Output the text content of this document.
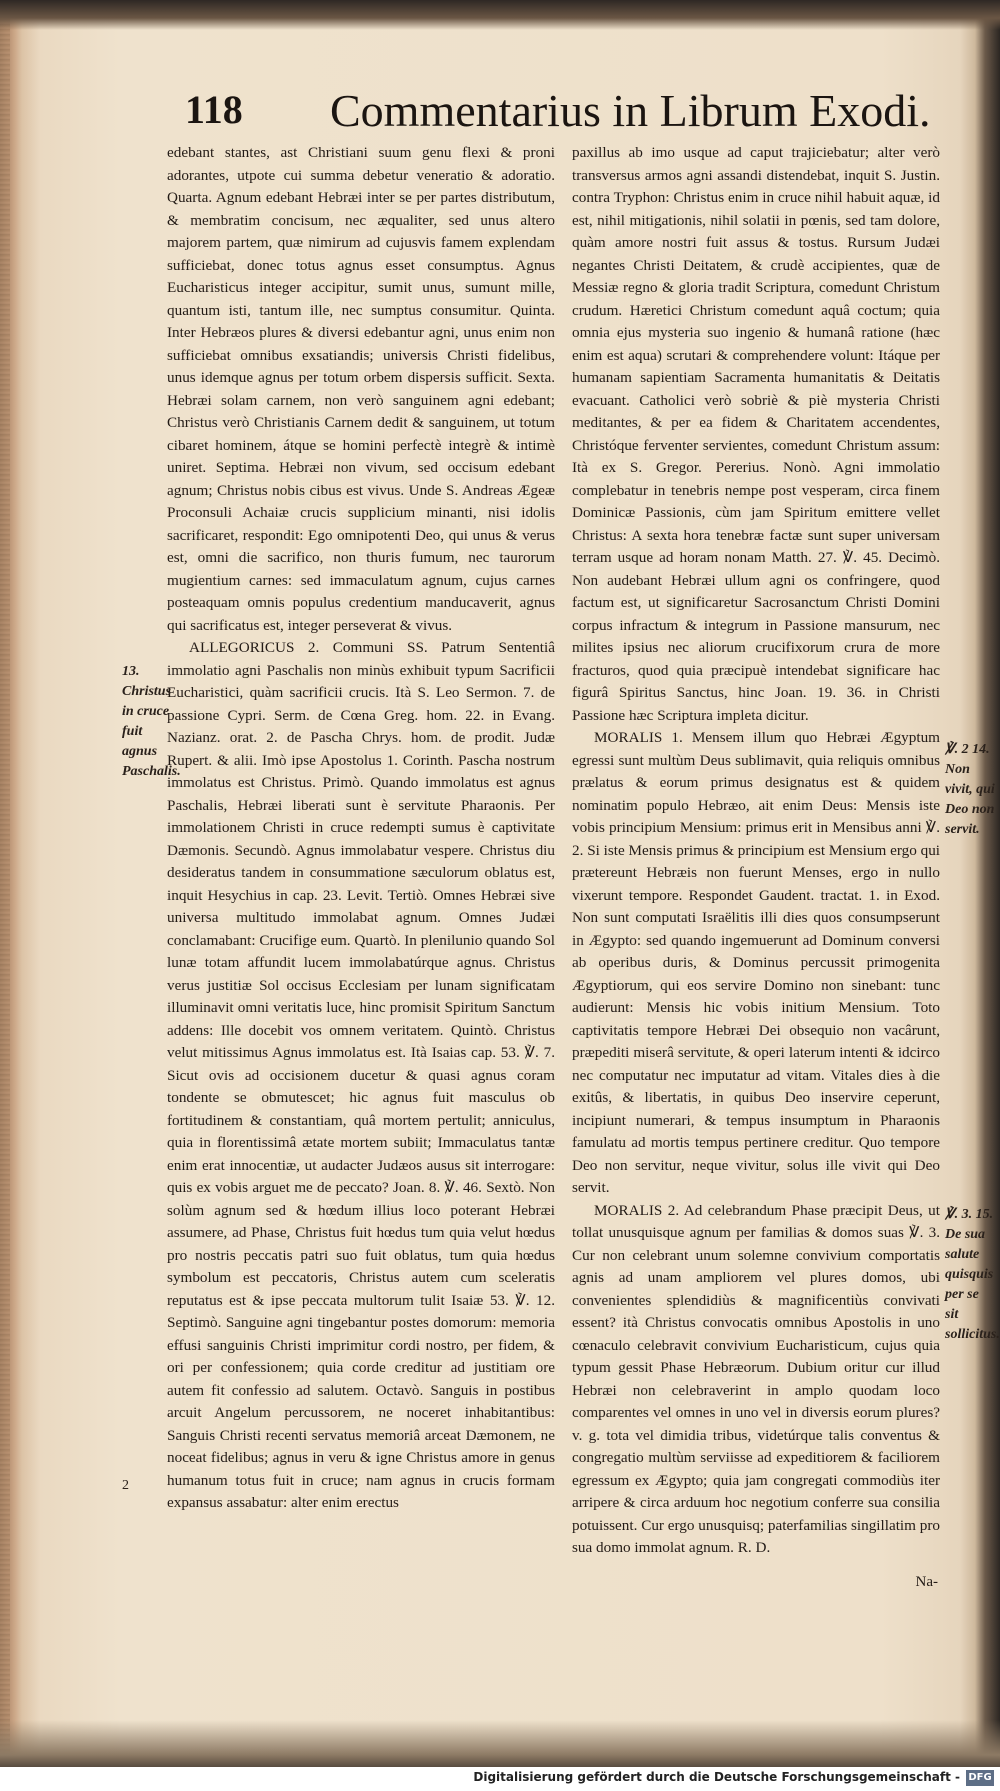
118 Commentarius in Librum Exodi.

edebant stantes, ast Christiani suum genu flexi & proni adorantes, utpote cui summa debetur veneratio & adoratio. Quarta. Agnum edebant Hebræi inter se per partes distributum, & membratim concisum, nec æqualiter, sed unus altero majorem partem, quæ nimirum ad cujusvis famem explendam sufficiebat, donec totus agnus esset consumptus. Agnus Eucharisticus integer accipitur, sumit unus, sumunt mille, quantum isti, tantum ille, nec sumptus consumitur. Quinta. Inter Hebræos plures & diversi edebantur agni, unus enim non sufficiebat omnibus exsatiandis; universis Christi fidelibus, unus idemque agnus per totum orbem dispersis sufficit. Sexta. Hebræi solam carnem, non verò sanguinem agni edebant; Christus verò Christianis Carnem dedit & sanguinem, ut totum cibaret hominem, átque se homini perfectè integrè & intimè uniret. Septima. Hebræi non vivum, sed occisum edebant agnum; Christus nobis cibus est vivus. Unde S. Andreas Ægeæ Proconsuli Achaiæ crucis supplicium minanti, nisi idolis sacrificaret, respondit: Ego omnipotenti Deo, qui unus & verus est, omni die sacrifico, non thuris fumum, nec taurorum mugientium carnes: sed immaculatum agnum, cujus carnes posteaquam omnis populus credentium manducaverit, agnus qui sacrificatus est, integer perseverat & vivus.

ALLEGORICUS 2. Communi SS. Patrum Sententiâ immolatio agni Paschalis non minùs exhibuit typum Sacrificii Eucharistici, quàm sacrificii crucis. Ità S. Leo Sermon. 7. de passione Cypri. Serm. de Cœna Greg. hom. 22. in Evang. Nazianz. orat. 2. de Pascha Chrys. hom. de prodit. Judæ Rupert. & alii. Imò ipse Apostolus 1. Corinth. Pascha nostrum immolatus est Christus. Primò. Quando immolatus est agnus Paschalis, Hebræi liberati sunt è servitute Pharaonis. Per immolationem Christi in cruce redempti sumus è captivitate Dæmonis. Secundò. Agnus immolabatur vespere. Christus diu desideratus tandem in consummatione sæculorum oblatus est, inquit Hesychius in cap. 23. Levit. Tertiò. Omnes Hebræi sive universa multitudo immolabat agnum. Omnes Judæi conclamabant: Crucifige eum. Quartò. In plenilunio quando Sol lunæ totam affundit lucem immolabatúrque agnus. Christus verus justitiæ Sol occisus Ecclesiam per lunam significatam illuminavit omni veritatis luce, hinc promisit Spiritum Sanctum addens: Ille docebit vos omnem veritatem. Quintò. Christus velut mitissimus Agnus immolatus est. Ità Isaias cap. 53. ℣. 7. Sicut ovis ad occisionem ducetur & quasi agnus coram tondente se obmutescet; hic agnus fuit masculus ob fortitudinem & constantiam, quâ mortem pertulit; anniculus, quia in florentissimâ ætate mortem subiit; Immaculatus tantæ enim erat innocentiæ, ut audacter Judæos ausus sit interrogare: quis ex vobis arguet me de peccato? Joan. 8. ℣. 46. Sextò. Non solùm agnum sed & hœdum illius loco poterant Hebræi assumere, ad Phase, Christus fuit hœdus tum quia velut hœdus pro nostris peccatis patri suo fuit oblatus, tum quia hœdus symbolum est peccatoris, Christus autem cum sceleratis reputatus est & ipse peccata multorum tulit Isaiæ 53. ℣. 12. Septimò. Sanguine agni tingebantur postes domorum: memoria effusi sanguinis Christi imprimitur cordi nostro, per fidem, & ori per confessionem; quia corde creditur ad justitiam ore autem fit confessio ad salutem. Octavò. Sanguis in postibus arcuit Angelum percussorem, ne noceret inhabitantibus: Sanguis Christi recenti servatus memoriâ arceat Dæmonem, ne noceat fidelibus; agnus in veru & igne Christus amore in genus humanum totus fuit in cruce; nam agnus in crucis formam expansus assabatur: alter enim erectus

paxillus ab imo usque ad caput trajiciebatur; alter verò transversus armos agni assandi distendebat, inquit S. Justin. contra Tryphon: Christus enim in cruce nihil habuit aquæ, id est, nihil mitigationis, nihil solatii in pœnis, sed tam dolore, quàm amore nostri fuit assus & tostus. Rursum Judæi negantes Christi Deitatem, & crudè accipientes, quæ de Messiæ regno & gloria tradit Scriptura, comedunt Christum crudum. Hæretici Christum comedunt aquâ coctum; quia omnia ejus mysteria suo ingenio & humanâ ratione (hæc enim est aqua) scrutari & comprehendere volunt: Itáque per humanam sapientiam Sacramenta humanitatis & Deitatis evacuant. Catholici verò sobriè & piè mysteria Christi meditantes, & per ea fidem & Charitatem accendentes, Christóque ferventer servientes, comedunt Christum assum: Ità ex S. Gregor. Pererius. Nonò. Agni immolatio complebatur in tenebris nempe post vesperam, circa finem Dominicæ Passionis, cùm jam Spiritum emittere vellet Christus: A sexta hora tenebræ factæ sunt super universam terram usque ad horam nonam Matth. 27. ℣. 45. Decimò. Non audebant Hebræi ullum agni os confringere, quod factum est, ut significaretur Sacrosanctum Christi Domini corpus infractum & integrum in Passione mansurum, nec milites ipsius nec aliorum crucifixorum crura de more fracturos, quod quia præcipuè intendebat significare hac figurâ Spiritus Sanctus, hinc Joan. 19. 36. in Christi Passione hæc Scriptura impleta dicitur.

MORALIS 1. Mensem illum quo Hebræi Ægyptum egressi sunt multùm Deus sublimavit, quia reliquis omnibus prælatus & eorum primus designatus est & quidem nominatim populo Hebræo, ait enim Deus: Mensis iste vobis principium Mensium: primus erit in Mensibus anni ℣. 2. Si iste Mensis primus & principium est Mensium ergo qui prætereunt Hebræis non fuerunt Menses, ergo in nullo vixerunt tempore. Respondet Gaudent. tractat. 1. in Exod. Non sunt computati Israëlitis illi dies quos consumpserunt in Ægypto: sed quando ingemuerunt ad Dominum conversi ab operibus duris, & Dominus percussit primogenita Ægyptiorum, qui eos servire Domino non sinebant: tunc audierunt: Mensis hic vobis initium Mensium. Toto captivitatis tempore Hebræi Dei obsequio non vacârunt, præpediti miserâ servitute, & operi laterum intenti & idcirco nec computatur nec imputatur ad vitam. Vitales dies à die exitûs, & libertatis, in quibus Deo inservire ceperunt, incipiunt numerari, & tempus insumptum in Pharaonis famulatu ad mortis tempus pertinere creditur. Quo tempore Deo non servitur, neque vivitur, solus ille vivit qui Deo servit.

MORALIS 2. Ad celebrandum Phase præcipit Deus, ut tollat unusquisque agnum per familias & domos suas ℣. 3. Cur non celebrant unum solemne convivium comportatis agnis ad unam ampliorem vel plures domos, ubi convenientes splendidiùs & magnificentiùs convivati essent? ità Christus convocatis omnibus Apostolis in uno cœnaculo celebravit convivium Eucharisticum, cujus quia typum gessit Phase Hebræorum. Dubium oritur cur illud Hebræi non celebraverint in amplo quodam loco comparentes vel omnes in uno vel in diversis eorum plures? v. g. tota vel dimidia tribus, videtúrque talis conventus & congregatio multùm serviisse ad expeditiorem & faciliorem egressum ex Ægypto; quia jam congregati commodiùs iter arripere & circa arduum hoc negotium conferre sua consilia potuissent. Cur ergo unusquisq; paterfamilias singillatim pro sua domo immolat agnum. R. D.

13. Christus in cruce fuit agnus Paschalis.
2
℣. 2 14. Non vivit, qui Deo non servit.
℣. 3. 15. De sua salute quisquis per se sit sollicitus.
Na-
Digitalisierung gefördert durch die Deutsche Forschungsgemeinschaft - DFG
